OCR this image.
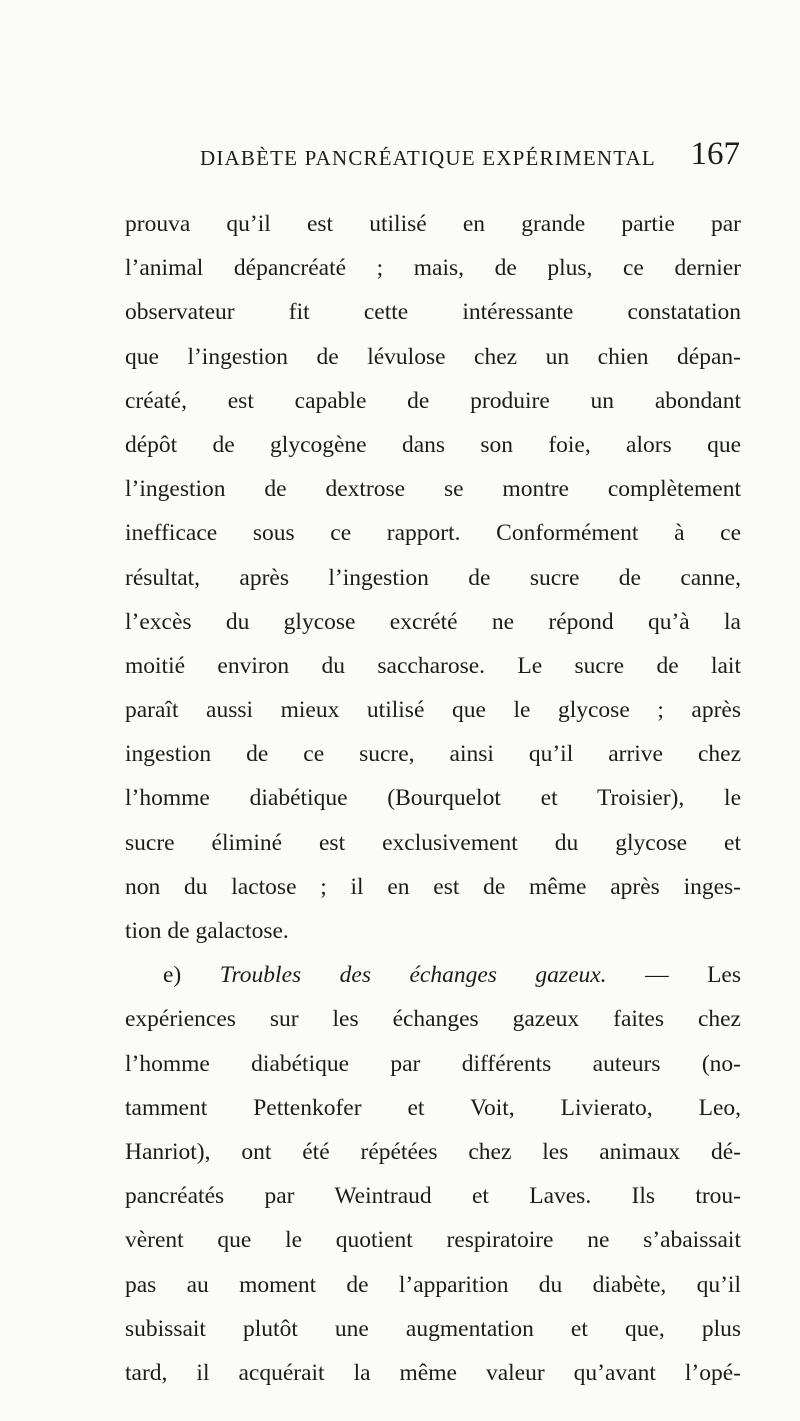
DIABÈTE PANCRÉATIQUE EXPÉRIMENTAL 167
prouva qu’il est utilisé en grande partie par
l’animal dépancréaté ; mais, de plus, ce dernier
observateur fit cette intéressante constatation
que l’ingestion de lévulose chez un chien dépan-
créaté, est capable de produire un abondant
dépôt de glycogène dans son foie, alors que
l’ingestion de dextrose se montre complètement
inefficace sous ce rapport. Conformément à ce
résultat, après l’ingestion de sucre de canne,
l’excès du glycose excrété ne répond qu’à la
moitié environ du saccharose. Le sucre de lait
paraît aussi mieux utilisé que le glycose ; après
ingestion de ce sucre, ainsi qu’il arrive chez
l’homme diabétique (Bourquelot et Troisier), le
sucre éliminé est exclusivement du glycose et
non du lactose ; il en est de même après inges-
tion de galactose.
e) Troubles des échanges gazeux. — Les
expériences sur les échanges gazeux faites chez
l’homme diabétique par différents auteurs (no-
tamment Pettenkofer et Voit, Livierato, Leo,
Hanriot), ont été répétées chez les animaux dé-
pancréatés par Weintraud et Laves. Ils trou-
vèrent que le quotient respiratoire ne s’abaissait
pas au moment de l’apparition du diabète, qu’il
subissait plutôt une augmentation et que, plus
tard, il acquérait la même valeur qu’avant l’opé-
